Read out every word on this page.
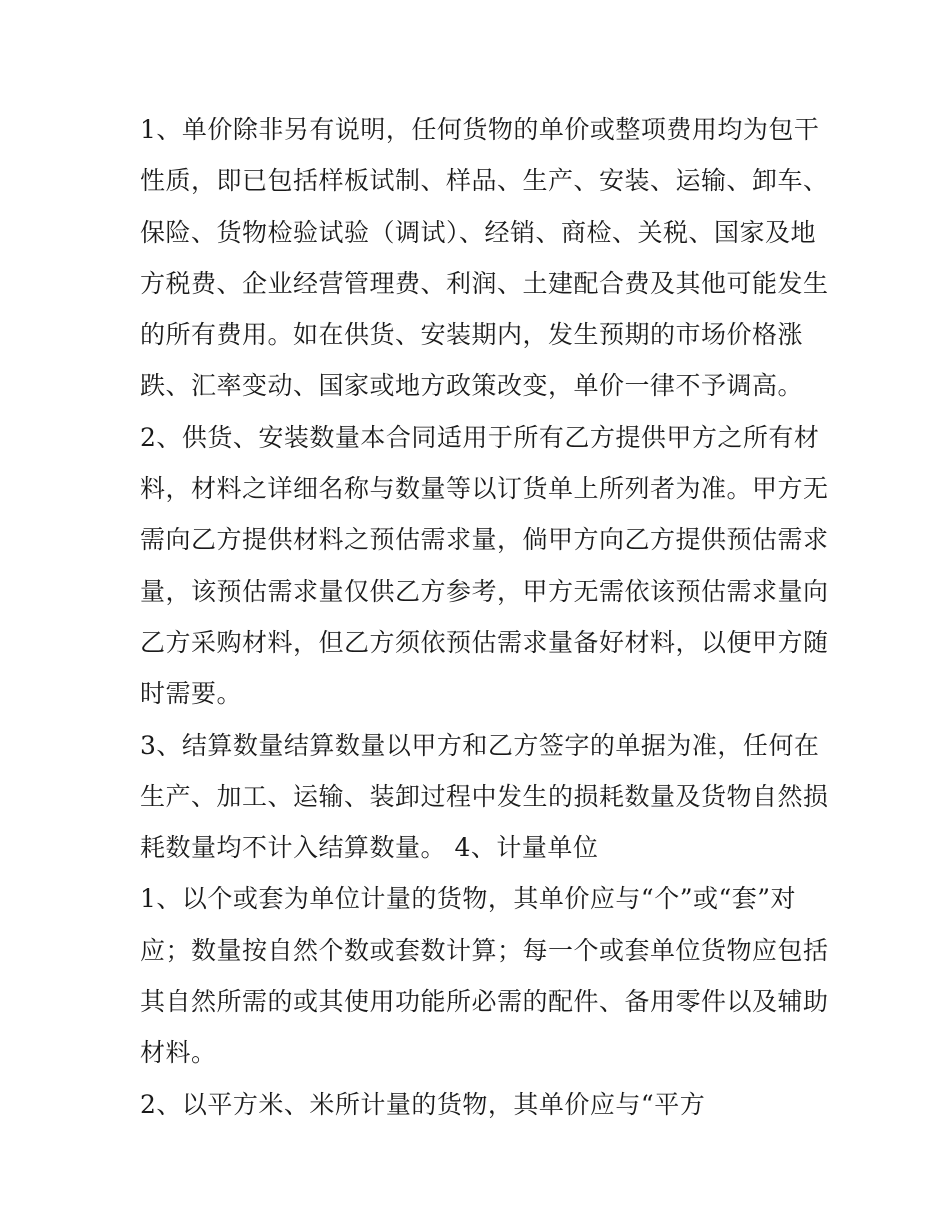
1、单价除非另有说明，任何货物的单价或整项费用均为包干
性质，即已包括样板试制、样品、生产、安装、运输、卸车、
保险、货物检验试验（调试）、经销、商检、关税、国家及地
方税费、企业经营管理费、利润、土建配合费及其他可能发生
的所有费用。如在供货、安装期内，发生预期的市场价格涨
跌、汇率变动、国家或地方政策改变，单价一律不予调高。
2、供货、安装数量本合同适用于所有乙方提供甲方之所有材
料，材料之详细名称与数量等以订货单上所列者为准。甲方无
需向乙方提供材料之预估需求量，倘甲方向乙方提供预估需求
量，该预估需求量仅供乙方参考，甲方无需依该预估需求量向
乙方采购材料，但乙方须依预估需求量备好材料，以便甲方随
时需要。
3、结算数量结算数量以甲方和乙方签字的单据为准，任何在
生产、加工、运输、装卸过程中发生的损耗数量及货物自然损
耗数量均不计入结算数量。 4、计量单位
1、以个或套为单位计量的货物，其单价应与“个”或“套”对
应；数量按自然个数或套数计算；每一个或套单位货物应包括
其自然所需的或其使用功能所必需的配件、备用零件以及辅助
材料。
2、以平方米、米所计量的货物，其单价应与“平方
